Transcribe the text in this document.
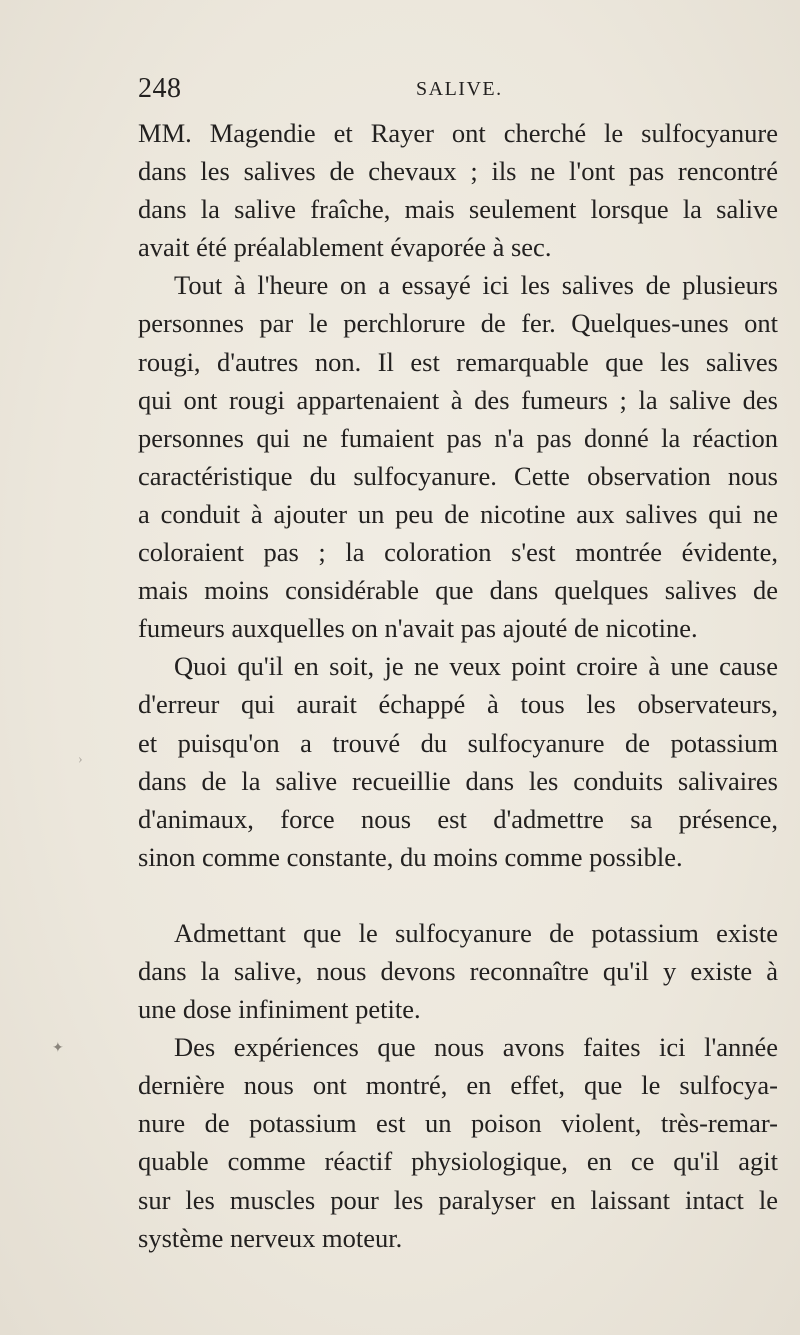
248	SALIVE.

MM. Magendie et Rayer ont cherché le sulfocyanure
dans les salives de chevaux ; ils ne l'ont pas rencontré
dans la salive fraîche, mais seulement lorsque la salive
avait été préalablement évaporée à sec.

Tout à l'heure on a essayé ici les salives de plusieurs
personnes par le perchlorure de fer. Quelques-unes ont
rougi, d'autres non. Il est remarquable que les salives
qui ont rougi appartenaient à des fumeurs ; la salive des
personnes qui ne fumaient pas n'a pas donné la réaction
caractéristique du sulfocyanure. Cette observation nous
a conduit à ajouter un peu de nicotine aux salives qui ne
coloraient pas ; la coloration s'est montrée évidente,
mais moins considérable que dans quelques salives de
fumeurs auxquelles on n'avait pas ajouté de nicotine.

Quoi qu'il en soit, je ne veux point croire à une cause
d'erreur qui aurait échappé à tous les observateurs,
et puisqu'on a trouvé du sulfocyanure de potassium
dans de la salive recueillie dans les conduits salivaires
d'animaux, force nous est d'admettre sa présence,
sinon comme constante, du moins comme possible.

Admettant que le sulfocyanure de potassium existe
dans la salive, nous devons reconnaître qu'il y existe à
une dose infiniment petite.

Des expériences que nous avons faites ici l'année
dernière nous ont montré, en effet, que le sulfocya-
nure de potassium est un poison violent, très-remar-
quable comme réactif physiologique, en ce qu'il agit
sur les muscles pour les paralyser en laissant intact le
système nerveux moteur.

✦
›
